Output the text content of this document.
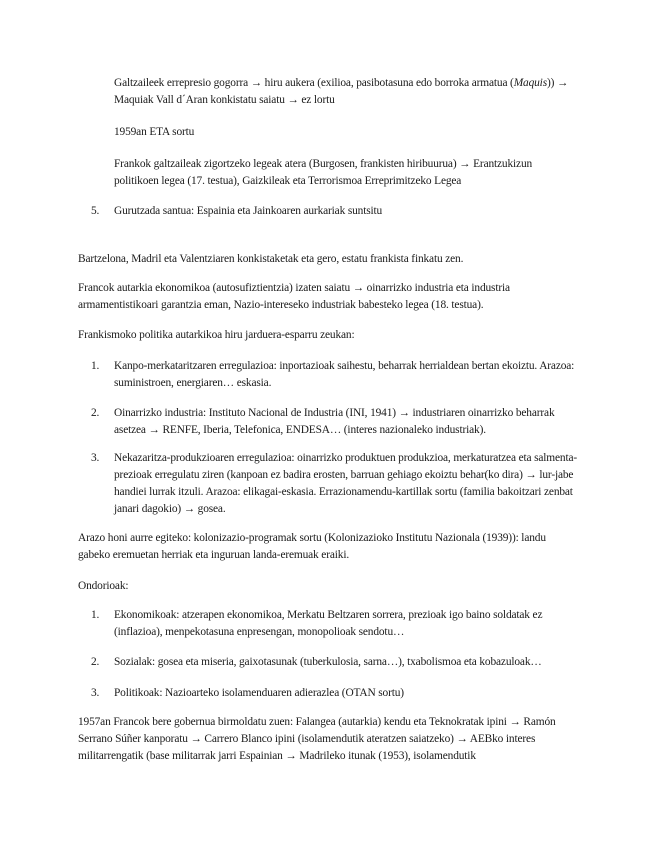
Galtzaileek errepresio gogorra → hiru aukera (exilioa, pasibotasuna edo borroka armatua (Maquis)) → Maquiak Vall d´Aran konkistatu saiatu → ez lortu
1959an ETA sortu
Frankok galtzaileak zigortzeko legeak atera (Burgosen, frankisten hiribuurua) → Erantzukizun politikoen legea (17. testua), Gaizkileak eta Terrorismoa Erreprimitzeko Legea
5.	Gurutzada santua: Espainia eta Jainkoaren aurkariak suntsitu
Bartzelona, Madril eta Valentziaren konkistaketak eta gero, estatu frankista finkatu zen.
Francok autarkia ekonomikoa (autosufiztientzia) izaten saiatu → oinarrizko industria eta industria armamentistikoari garantzia eman, Nazio-intereseko industriak babesteko legea (18. testua).
Frankismoko politika autarkikoa hiru jarduera-esparru zeukan:
1.	Kanpo-merkataritzaren erregulazioa: inportazioak saihestu, beharrak herrialdean bertan ekoiztu. Arazoa: suministroen, energiaren… eskasia.
2.	Oinarrizko industria: Instituto Nacional de Industria (INI, 1941) → industriaren oinarrizko beharrak asetzea → RENFE, Iberia, Telefonica, ENDESA… (interes nazionaleko industriak).
3.	Nekazaritza-produkzioaren erregulazioa: oinarrizko produktuen produkzioa, merkaturatzea eta salmenta-prezioak erregulatu ziren (kanpoan ez badira erosten, barruan gehiago ekoiztu behar(ko dira) → lur-jabe handiei lurrak itzuli. Arazoa: elikagai-eskasia. Errazionamendu-kartillak sortu (familia bakoitzari zenbat janari dagokio) → gosea.
Arazo honi aurre egiteko: kolonizazio-programak sortu (Kolonizazioko Institutu Nazionala (1939)): landu gabeko eremuetan herriak eta inguruan landa-eremuak eraiki.
Ondorioak:
1.	Ekonomikoak: atzerapen ekonomikoa, Merkatu Beltzaren sorrera, prezioak igo baino soldatak ez (inflazioa), menpekotasuna enpresengan, monopolioak sendotu…
2.	Sozialak: gosea eta miseria, gaixotasunak (tuberkulosia, sarna…), txabolismoa eta kobazuloak…
3.	Politikoak: Nazioarteko isolamenduaren adierazlea (OTAN sortu)
1957an Francok bere gobernua birmoldatu zuen: Falangea (autarkia) kendu eta Teknokratak ipini → Ramón Serrano Súñer kanporatu → Carrero Blanco ipini (isolamendutik ateratzen saiatzeko) → AEBko interes militarrengatik (base militarrak jarri Espainian → Madrileko itunak (1953), isolamendutik
